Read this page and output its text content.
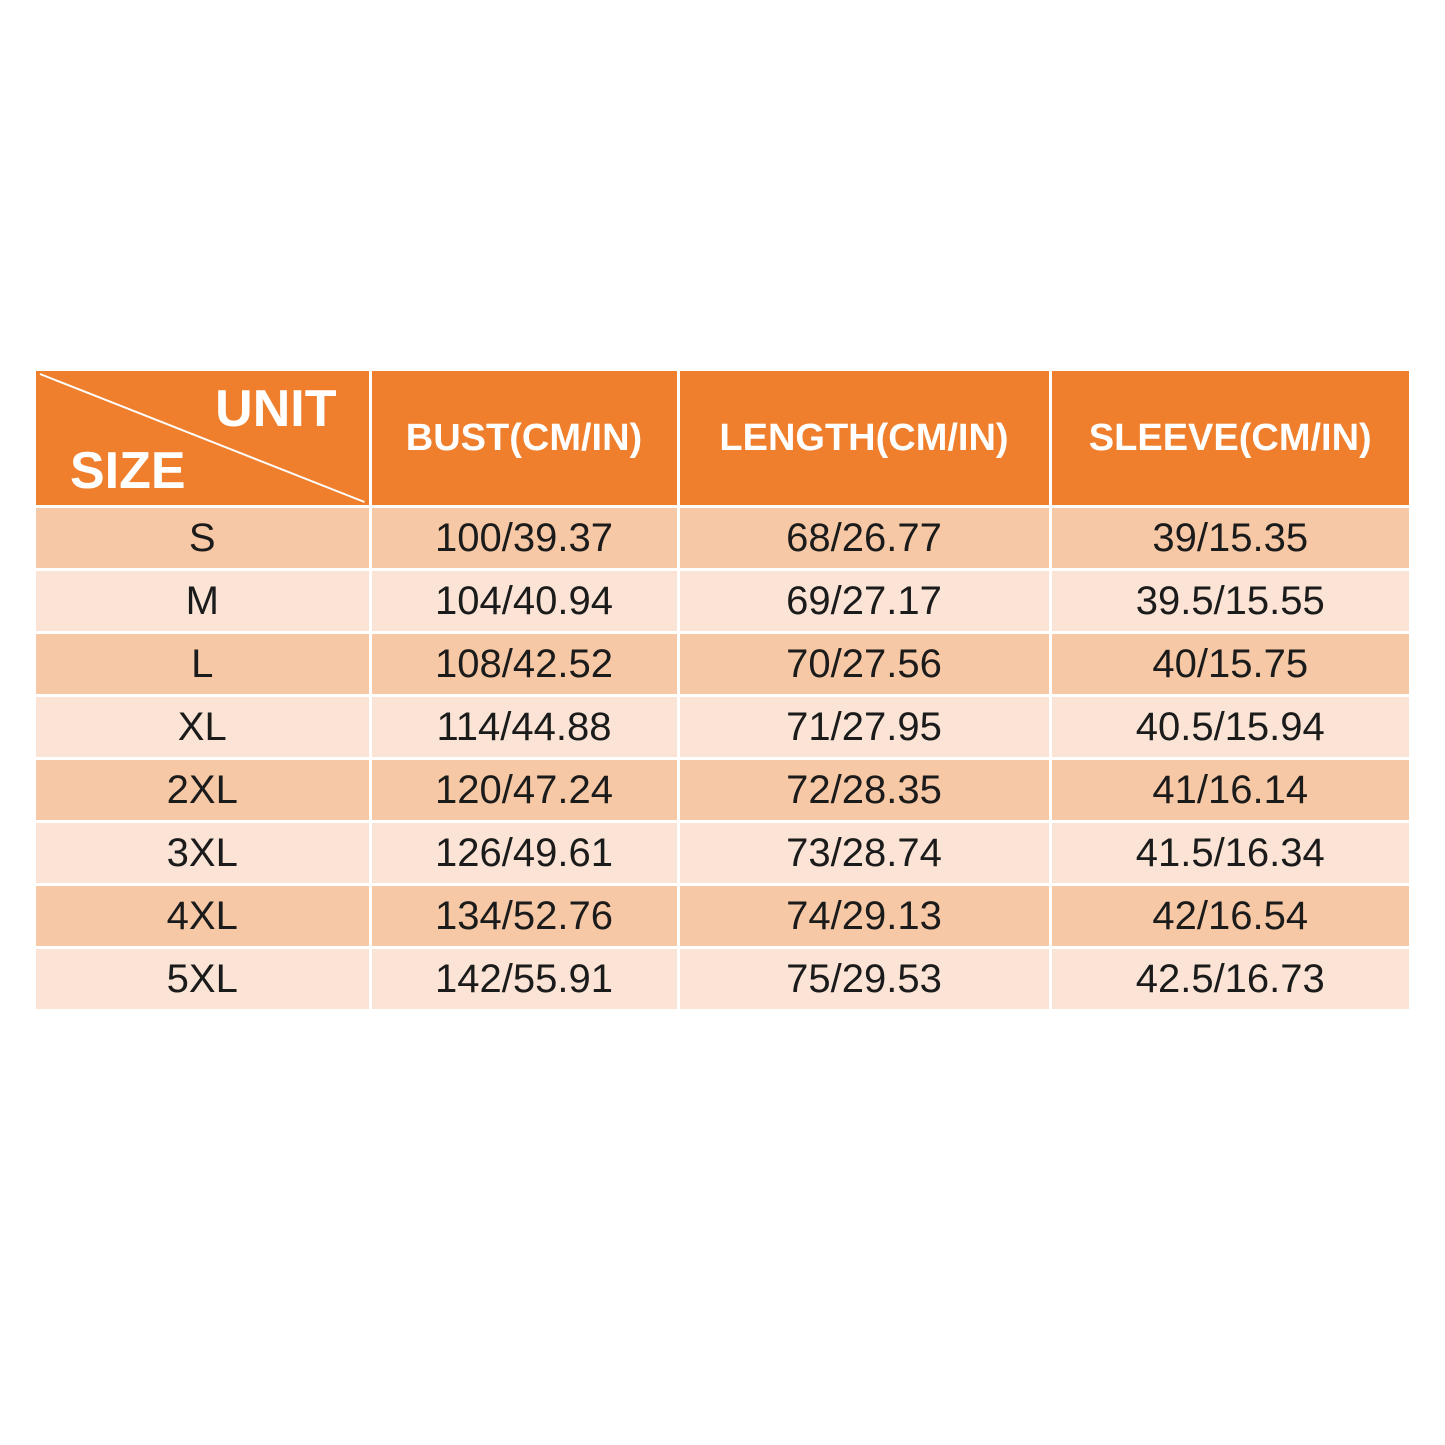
UNIT
SIZE	BUST(CM/IN)	LENGTH(CM/IN)	SLEEVE(CM/IN)
S	100/39.37	68/26.77	39/15.35
M	104/40.94	69/27.17	39.5/15.55
L	108/42.52	70/27.56	40/15.75
XL	114/44.88	71/27.95	40.5/15.94
2XL	120/47.24	72/28.35	41/16.14
3XL	126/49.61	73/28.74	41.5/16.34
4XL	134/52.76	74/29.13	42/16.54
5XL	142/55.91	75/29.53	42.5/16.73
